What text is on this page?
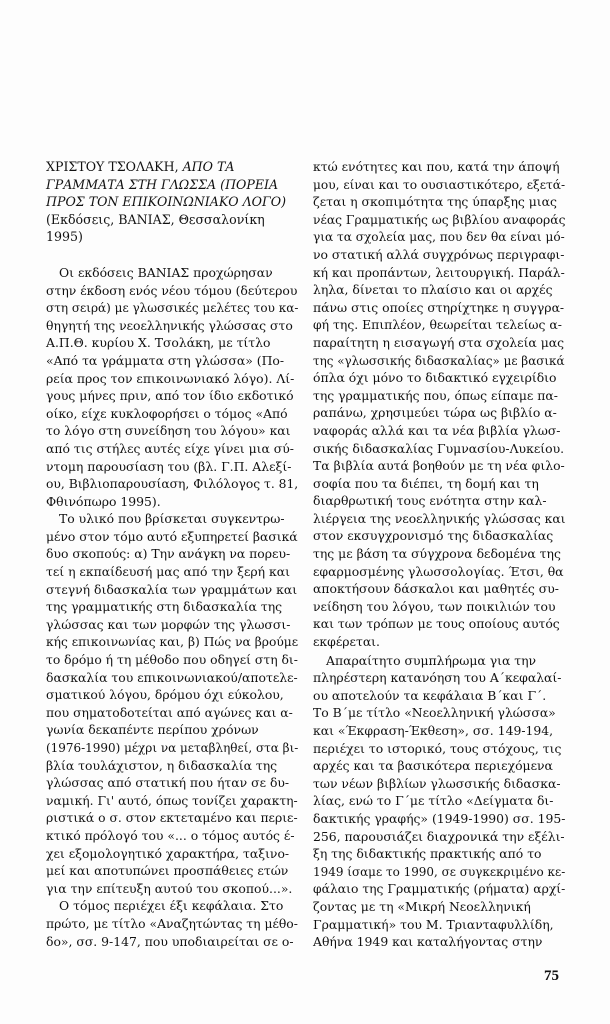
ΧΡΙΣΤΟΥ ΤΣΟΛΑΚΗ, ΑΠΟ ΤΑ
ΓΡΑΜΜΑΤΑ ΣΤΗ ΓΛΩΣΣΑ (ΠΟΡΕΙΑ
ΠΡΟΣ ΤΟΝ ΕΠΙΚΟΙΝΩΝΙΑΚΟ ΛΟΓΟ)
(Εκδόσεις, ΒΑΝΙΑΣ, Θεσσαλονίκη
1995)
Οι εκδόσεις ΒΑΝΙΑΣ προχώρησαν
στην έκδοση ενός νέου τόμου (δεύτερου
στη σειρά) με γλωσσικές μελέτες του κα-
θηγητή της νεοελληνικής γλώσσας στο
Α.Π.Θ. κυρίου Χ. Τσολάκη, με τίτλο
«Από τα γράμματα στη γλώσσα» (Πο-
ρεία προς τον επικοινωνιακό λόγο). Λί-
γους μήνες πριν, από τον ίδιο εκδοτικό
οίκο, είχε κυκλοφορήσει ο τόμος «Από
το λόγο στη συνείδηση του λόγου» και
από τις στήλες αυτές είχε γίνει μια σύ-
ντομη παρουσίαση του (βλ. Γ.Π. Αλεξί-
ου, Βιβλιοπαρουσίαση, Φιλόλογος τ. 81,
Φθινόπωρο 1995).
Το υλικό που βρίσκεται συγκεντρω-
μένο στον τόμο αυτό εξυπηρετεί βασικά
δυο σκοπούς: α) Την ανάγκη να πορευ-
τεί η εκπαίδευσή μας από την ξερή και
στεγνή διδασκαλία των γραμμάτων και
της γραμματικής στη διδασκαλία της
γλώσσας και των μορφών της γλωσσι-
κής επικοινωνίας και, β) Πώς να βρούμε
το δρόμο ή τη μέθοδο που οδηγεί στη δι-
δασκαλία του επικοινωνιακού/αποτελε-
σματικού λόγου, δρόμου όχι εύκολου,
που σηματοδοτείται από αγώνες και α-
γωνία δεκαπέντε περίπου χρόνων
(1976-1990) μέχρι να μεταβληθεί, στα βι-
βλία τουλάχιστον, η διδασκαλία της
γλώσσας από στατική που ήταν σε δυ-
ναμική. Γι' αυτό, όπως τονίζει χαρακτη-
ριστικά ο σ. στον εκτεταμένο και περιε-
κτικό πρόλογό του «... ο τόμος αυτός έ-
χει εξομολογητικό χαρακτήρα, ταξινο-
μεί και αποτυπώνει προσπάθειες ετών
για την επίτευξη αυτού του σκοπού...».
Ο τόμος περιέχει έξι κεφάλαια. Στο
πρώτο, με τίτλο «Αναζητώντας τη μέθο-
δο», σσ. 9-147, που υποδιαιρείται σε ο-
κτώ ενότητες και που, κατά την άποψή
μου, είναι και το ουσιαστικότερο, εξετά-
ζεται η σκοπιμότητα της ύπαρξης μιας
νέας Γραμματικής ως βιβλίου αναφοράς
για τα σχολεία μας, που δεν θα είναι μό-
νο στατική αλλά συγχρόνως περιγραφι-
κή και προπάντων, λειτουργική. Παράλ-
ληλα, δίνεται το πλαίσιο και οι αρχές
πάνω στις οποίες στηρίχτηκε η συγγρα-
φή της. Επιπλέον, θεωρείται τελείως α-
παραίτητη η εισαγωγή στα σχολεία μας
της «γλωσσικής διδασκαλίας» με βασικά
όπλα όχι μόνο το διδακτικό εγχειρίδιο
της γραμματικής που, όπως είπαμε πα-
ραπάνω, χρησιμεύει τώρα ως βιβλίο α-
ναφοράς αλλά και τα νέα βιβλία γλωσ-
σικής διδασκαλίας Γυμνασίου-Λυκείου.
Τα βιβλία αυτά βοηθούν με τη νέα φιλο-
σοφία που τα διέπει, τη δομή και τη
διαρθρωτική τους ενότητα στην καλ-
λιέργεια της νεοελληνικής γλώσσας και
στον εκσυγχρονισμό της διδασκαλίας
της με βάση τα σύγχρονα δεδομένα της
εφαρμοσμένης γλωσσολογίας. Έτσι, θα
αποκτήσουν δάσκαλοι και μαθητές συ-
νείδηση του λόγου, των ποικιλιών του
και των τρόπων με τους οποίους αυτός
εκφέρεται.
Απαραίτητο συμπλήρωμα για την
πληρέστερη κατανόηση του Α΄κεφαλαί-
ου αποτελούν τα κεφάλαια Β΄και Γ΄.
Το Β΄με τίτλο «Νεοελληνική γλώσσα»
και «Έκφραση-Έκθεση», σσ. 149-194,
περιέχει το ιστορικό, τους στόχους, τις
αρχές και τα βασικότερα περιεχόμενα
των νέων βιβλίων γλωσσικής διδασκα-
λίας, ενώ το Γ΄με τίτλο «Δείγματα δι-
δακτικής γραφής» (1949-1990) σσ. 195-
256, παρουσιάζει διαχρονικά την εξέλι-
ξη της διδακτικής πρακτικής από το
1949 ίσαμε το 1990, σε συγκεκριμένο κε-
φάλαιο της Γραμματικής (ρήματα) αρχί-
ζοντας με τη «Μικρή Νεοελληνική
Γραμματική» του Μ. Τριανταφυλλίδη,
Αθήνα 1949 και καταλήγοντας στην
75
